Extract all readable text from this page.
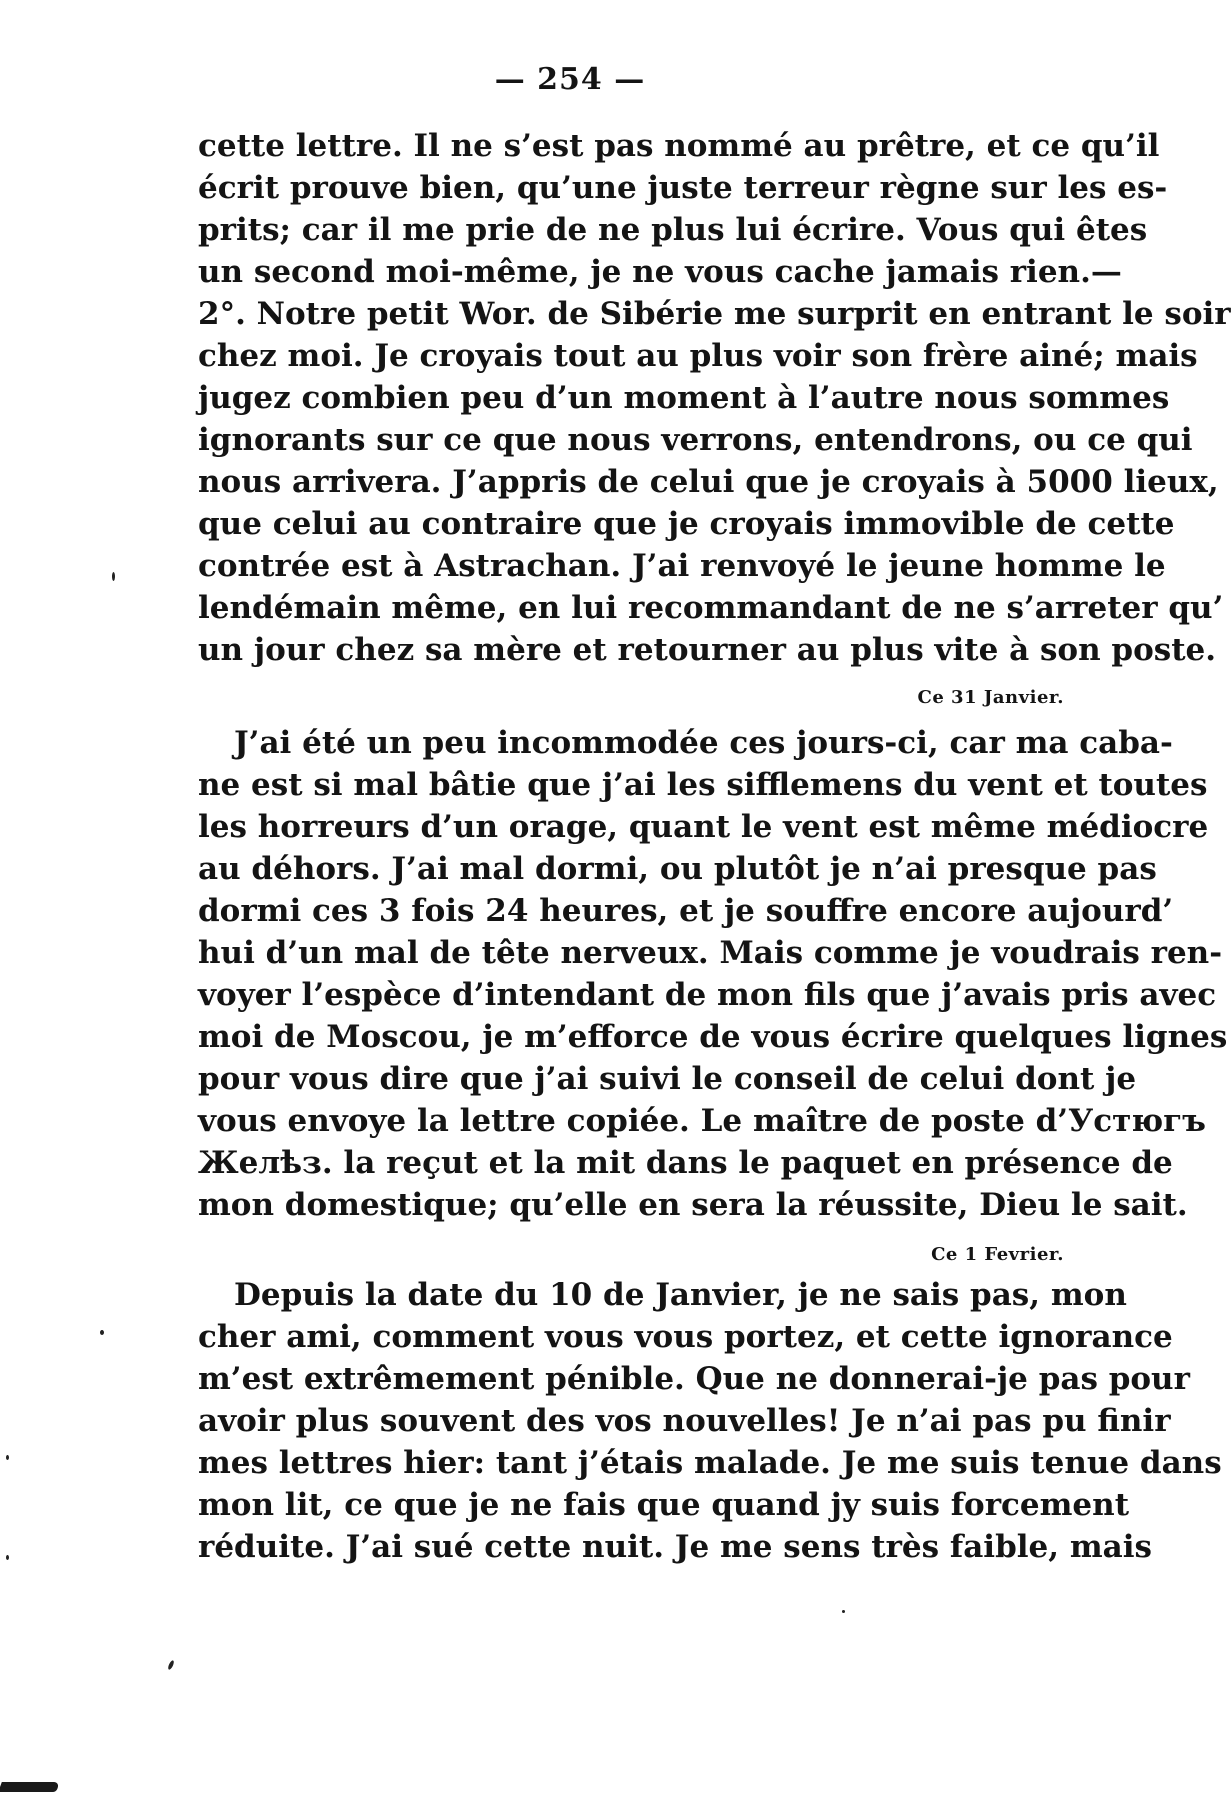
— 254 —
cette lettre. Il ne s’est pas nommé au prêtre, et ce qu’il
écrit prouve bien, qu’une juste terreur règne sur les es-
prits; car il me prie de ne plus lui écrire. Vous qui êtes
un second moi-même, je ne vous cache jamais rien.—
2°. Notre petit Wor. de Sibérie me surprit en entrant le soir
chez moi. Je croyais tout au plus voir son frère ainé; mais
jugez combien peu d’un moment à l’autre nous sommes
ignorants sur ce que nous verrons, entendrons, ou ce qui
nous arrivera. J’appris de celui que je croyais à 5000 lieux,
que celui au contraire que je croyais immovible de cette
contrée est à Astrachan. J’ai renvoyé le jeune homme le
lendémain même, en lui recommandant de ne s’arreter qu’
un jour chez sa mère et retourner au plus vite à son poste.
Ce 31 Janvier.
J’ai été un peu incommodée ces jours-ci, car ma caba-
ne est si mal bâtie que j’ai les sifflemens du vent et toutes
les horreurs d’un orage, quant le vent est même médiocre
au déhors. J’ai mal dormi, ou plutôt je n’ai presque pas
dormi ces 3 fois 24 heures, et je souffre encore aujourd’
hui d’un mal de tête nerveux. Mais comme je voudrais ren-
voyer l’espèce d’intendant de mon fils que j’avais pris avec
moi de Moscou, je m’efforce de vous écrire quelques lignes
pour vous dire que j’ai suivi le conseil de celui dont je
vous envoye la lettre copiée. Le maître de poste d’Устюгъ
Желѣз. la reçut et la mit dans le paquet en présence de
mon domestique; qu’elle en sera la réussite, Dieu le sait.
Ce 1 Fevrier.
Depuis la date du 10 de Janvier, je ne sais pas, mon
cher ami, comment vous vous portez, et cette ignorance
m’est extrêmement pénible. Que ne donnerai-je pas pour
avoir plus souvent des vos nouvelles! Je n’ai pas pu finir
mes lettres hier: tant j’étais malade. Je me suis tenue dans
mon lit, ce que je ne fais que quand jy suis forcement
réduite. J’ai sué cette nuit. Je me sens très faible, mais
